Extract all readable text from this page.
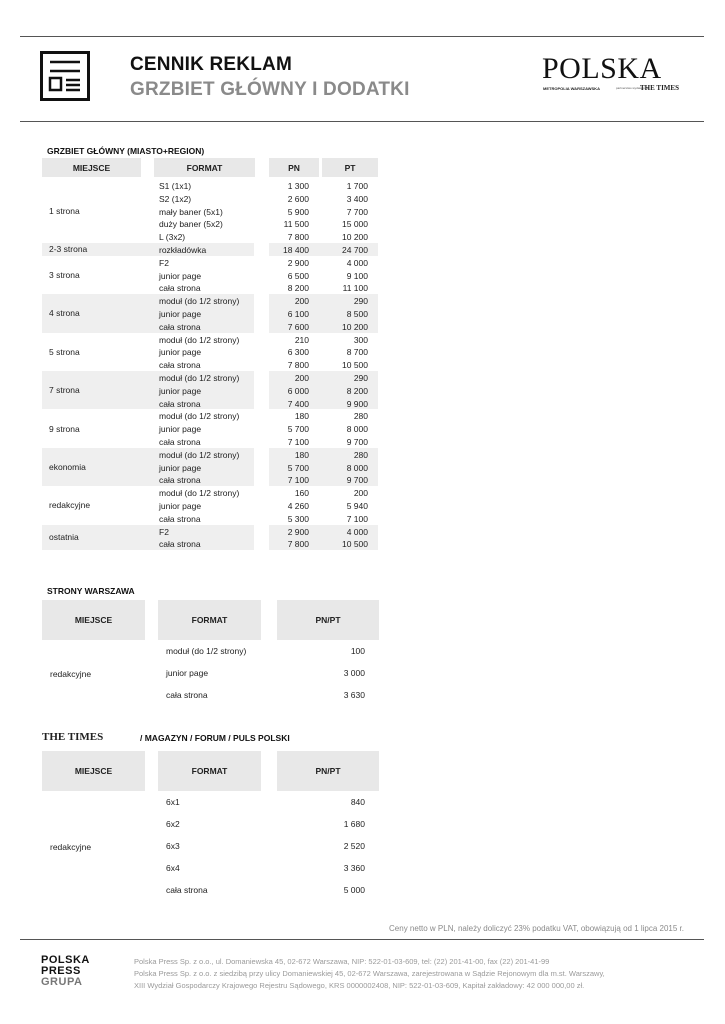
CENNIK REKLAM
GRZBIET GŁÓWNY I DODATKI
POLSKA
METROPOLIA WARSZAWSKA	partnerstwo wydawnicze
THE TIMES
GRZBIET GŁÓWNY (MIASTO+REGION)
MIEJSCE	FORMAT	PN	PT
1 strona
S1 (1x1)	1 300	1 700
S2 (1x2)	2 600	3 400
mały baner (5x1)	5 900	7 700
duży baner (5x2)	11 500	15 000
L (3x2)	7 800	10 200
2-3 strona	rozkładówka	18 400	24 700
3 strona
F2	2 900	4 000
junior page	6 500	9 100
cała strona	8 200	11 100
4 strona
moduł (do 1/2 strony)	200	290
junior page	6 100	8 500
cała strona	7 600	10 200
5 strona
moduł (do 1/2 strony)	210	300
junior page	6 300	8 700
cała strona	7 800	10 500
7 strona
moduł (do 1/2 strony)	200	290
junior page	6 000	8 200
cała strona	7 400	9 900
9 strona
moduł (do 1/2 strony)	180	280
junior page	5 700	8 000
cała strona	7 100	9 700
ekonomia
moduł (do 1/2 strony)	180	280
junior page	5 700	8 000
cała strona	7 100	9 700
redakcyjne
moduł (do 1/2 strony)	160	200
junior page	4 260	5 940
cała strona	5 300	7 100
ostatnia
F2	2 900	4 000
cała strona	7 800	10 500
STRONY WARSZAWA
MIEJSCE	FORMAT	PN/PT
redakcyjne
moduł (do 1/2 strony)	100
junior page	3 000
cała strona	3 630
THE TIMES	/ MAGAZYN / FORUM / PULS POLSKI
MIEJSCE	FORMAT	PN/PT
redakcyjne
6x1	840
6x2	1 680
6x3	2 520
6x4	3 360
cała strona	5 000
Ceny netto w PLN, należy doliczyć 23% podatku VAT, obowiązują od 1 lipca 2015 r.
POLSKA
PRESS
GRUPA
Polska Press Sp. z o.o., ul. Domaniewska 45, 02-672 Warszawa, NIP: 522-01-03-609, tel: (22) 201-41-00, fax (22) 201-41-99
Polska Press Sp. z o.o. z siedzibą przy ulicy Domaniewskiej 45, 02-672 Warszawa, zarejestrowana w Sądzie Rejonowym dla m.st. Warszawy,
XIII Wydział Gospodarczy Krajowego Rejestru Sądowego, KRS 0000002408, NIP: 522-01-03-609, Kapitał zakładowy: 42 000 000,00 zł.
